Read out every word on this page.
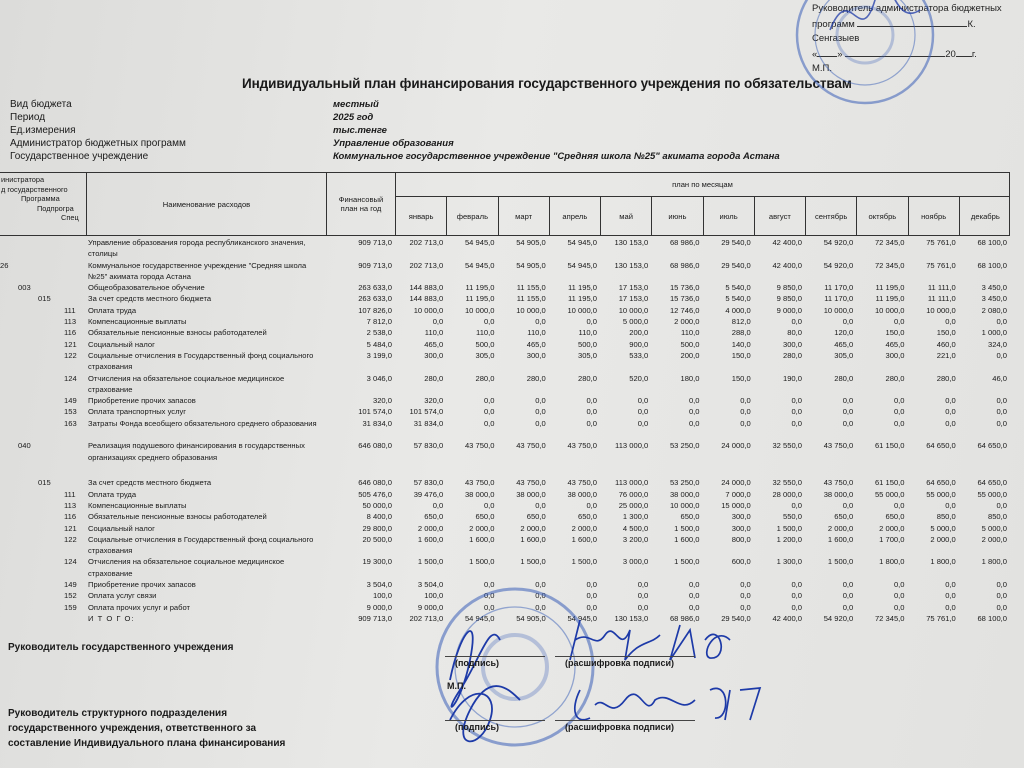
Руководитель администратора бюджетных
программ	К. Сенгазыев
« »	20 г.
М.П.
Индивидуальный план финансирования государственного учреждения по обязательствам
Вид бюджета	местный
Период	2025 год
Ед.измерения	тыс.тенге
Администратор бюджетных программ	Управление образования
Государственное учреждение	Коммунальное государственное учреждение "Средняя школа №25" акимата города Астана
инистратора
д государственного
Программа
Подпрогра
Спец
Наименование расходов	Финансовый план на год
план по месяцам
январь	февраль	март	апрель	май	июнь	июль	август	сентябрь	октябрь	ноябрь	декабрь
Управление образования города республиканского значения, столицы
909 713,0	202 713,0	54 945,0	54 905,0	54 945,0	130 153,0	68 986,0	29 540,0	42 400,0	54 920,0	72 345,0	75 761,0	68 100,0
26	Коммунальное государственное учреждение "Средняя школа №25" акимата города Астана
909 713,0	202 713,0	54 945,0	54 905,0	54 945,0	130 153,0	68 986,0	29 540,0	42 400,0	54 920,0	72 345,0	75 761,0	68 100,0
003	Общеобразовательное обучение	263 633,0	144 883,0	11 195,0	11 155,0	11 195,0	17 153,0	15 736,0	5 540,0	9 850,0	11 170,0	11 195,0	11 111,0	3 450,0
015	За счет средств местного бюджета	263 633,0	144 883,0	11 195,0	11 155,0	11 195,0	17 153,0	15 736,0	5 540,0	9 850,0	11 170,0	11 195,0	11 111,0	3 450,0
111 Оплата труда	107 826,0	10 000,0	10 000,0	10 000,0	10 000,0	10 000,0	12 746,0	4 000,0	9 000,0	10 000,0	10 000,0	10 000,0	2 080,0
113 Компенсационные выплаты	7 812,0	0,0	0,0	0,0	0,0	5 000,0	2 000,0	812,0	0,0	0,0	0,0	0,0	0,0
116 Обязательные пенсионные взносы работодателей	2 538,0	110,0	110,0	110,0	110,0	200,0	110,0	288,0	80,0	120,0	150,0	150,0	1 000,0
121 Социальный налог	5 484,0	465,0	500,0	465,0	500,0	900,0	500,0	140,0	300,0	465,0	465,0	460,0	324,0
122 Социальные отчисления в Государственный фонд социального страхования
3 199,0	300,0	305,0	300,0	305,0	533,0	200,0	150,0	280,0	305,0	300,0	221,0	0,0
124 Отчисления на обязательное социальное медицинское страхование
3 046,0	280,0	280,0	280,0	280,0	520,0	180,0	150,0	190,0	280,0	280,0	280,0	46,0
149 Приобретение прочих запасов	320,0	320,0	0,0	0,0	0,0	0,0	0,0	0,0	0,0	0,0	0,0	0,0	0,0
153 Оплата транспортных услуг	101 574,0	101 574,0	0,0	0,0	0,0	0,0	0,0	0,0	0,0	0,0	0,0	0,0	0,0
163 Затраты Фонда всеобщего обязательного среднего образования	31 834,0	31 834,0	0,0	0,0	0,0	0,0	0,0	0,0	0,0	0,0	0,0	0,0	0,0
040	Реализация подушевого финансирования в государственных организациях среднего образования
646 080,0	57 830,0	43 750,0	43 750,0	43 750,0	113 000,0	53 250,0	24 000,0	32 550,0	43 750,0	61 150,0	64 650,0	64 650,0
015	За счет средств местного бюджета	646 080,0	57 830,0	43 750,0	43 750,0	43 750,0	113 000,0	53 250,0	24 000,0	32 550,0	43 750,0	61 150,0	64 650,0	64 650,0
111 Оплата труда	505 476,0	39 476,0	38 000,0	38 000,0	38 000,0	76 000,0	38 000,0	7 000,0	28 000,0	38 000,0	55 000,0	55 000,0	55 000,0
113 Компенсационные выплаты	50 000,0	0,0	0,0	0,0	0,0	25 000,0	10 000,0	15 000,0	0,0	0,0	0,0	0,0	0,0
116 Обязательные пенсионные взносы работодателей	8 400,0	650,0	650,0	650,0	650,0	1 300,0	650,0	300,0	550,0	650,0	650,0	850,0	850,0
121 Социальный налог	29 800,0	2 000,0	2 000,0	2 000,0	2 000,0	4 500,0	1 500,0	300,0	1 500,0	2 000,0	2 000,0	5 000,0	5 000,0
122 Социальные отчисления в Государственный фонд социального страхования
20 500,0	1 600,0	1 600,0	1 600,0	1 600,0	3 200,0	1 600,0	800,0	1 200,0	1 600,0	1 700,0	2 000,0	2 000,0
124 Отчисления на обязательное социальное медицинское страхование
19 300,0	1 500,0	1 500,0	1 500,0	1 500,0	3 000,0	1 500,0	600,0	1 300,0	1 500,0	1 800,0	1 800,0	1 800,0
149 Приобретение прочих запасов	3 504,0	3 504,0	0,0	0,0	0,0	0,0	0,0	0,0	0,0	0,0	0,0	0,0	0,0
152 Оплата услуг связи	100,0	100,0	0,0	0,0	0,0	0,0	0,0	0,0	0,0	0,0	0,0	0,0	0,0
159 Оплата прочих услуг и работ	9 000,0	9 000,0	0,0	0,0	0,0	0,0	0,0	0,0	0,0	0,0	0,0	0,0	0,0
И Т О Г О:	909 713,0	202 713,0	54 945,0	54 905,0	54 945,0	130 153,0	68 986,0	29 540,0	42 400,0	54 920,0	72 345,0	75 761,0	68 100,0
Руководитель государственного учреждения
(подпись)	(расшифровка подписи)
М.П.
Руководитель структурного подразделения
государственного учреждения, ответственного за
составление Индивидуального плана финансирования
(подпись)	(расшифровка подписи)
